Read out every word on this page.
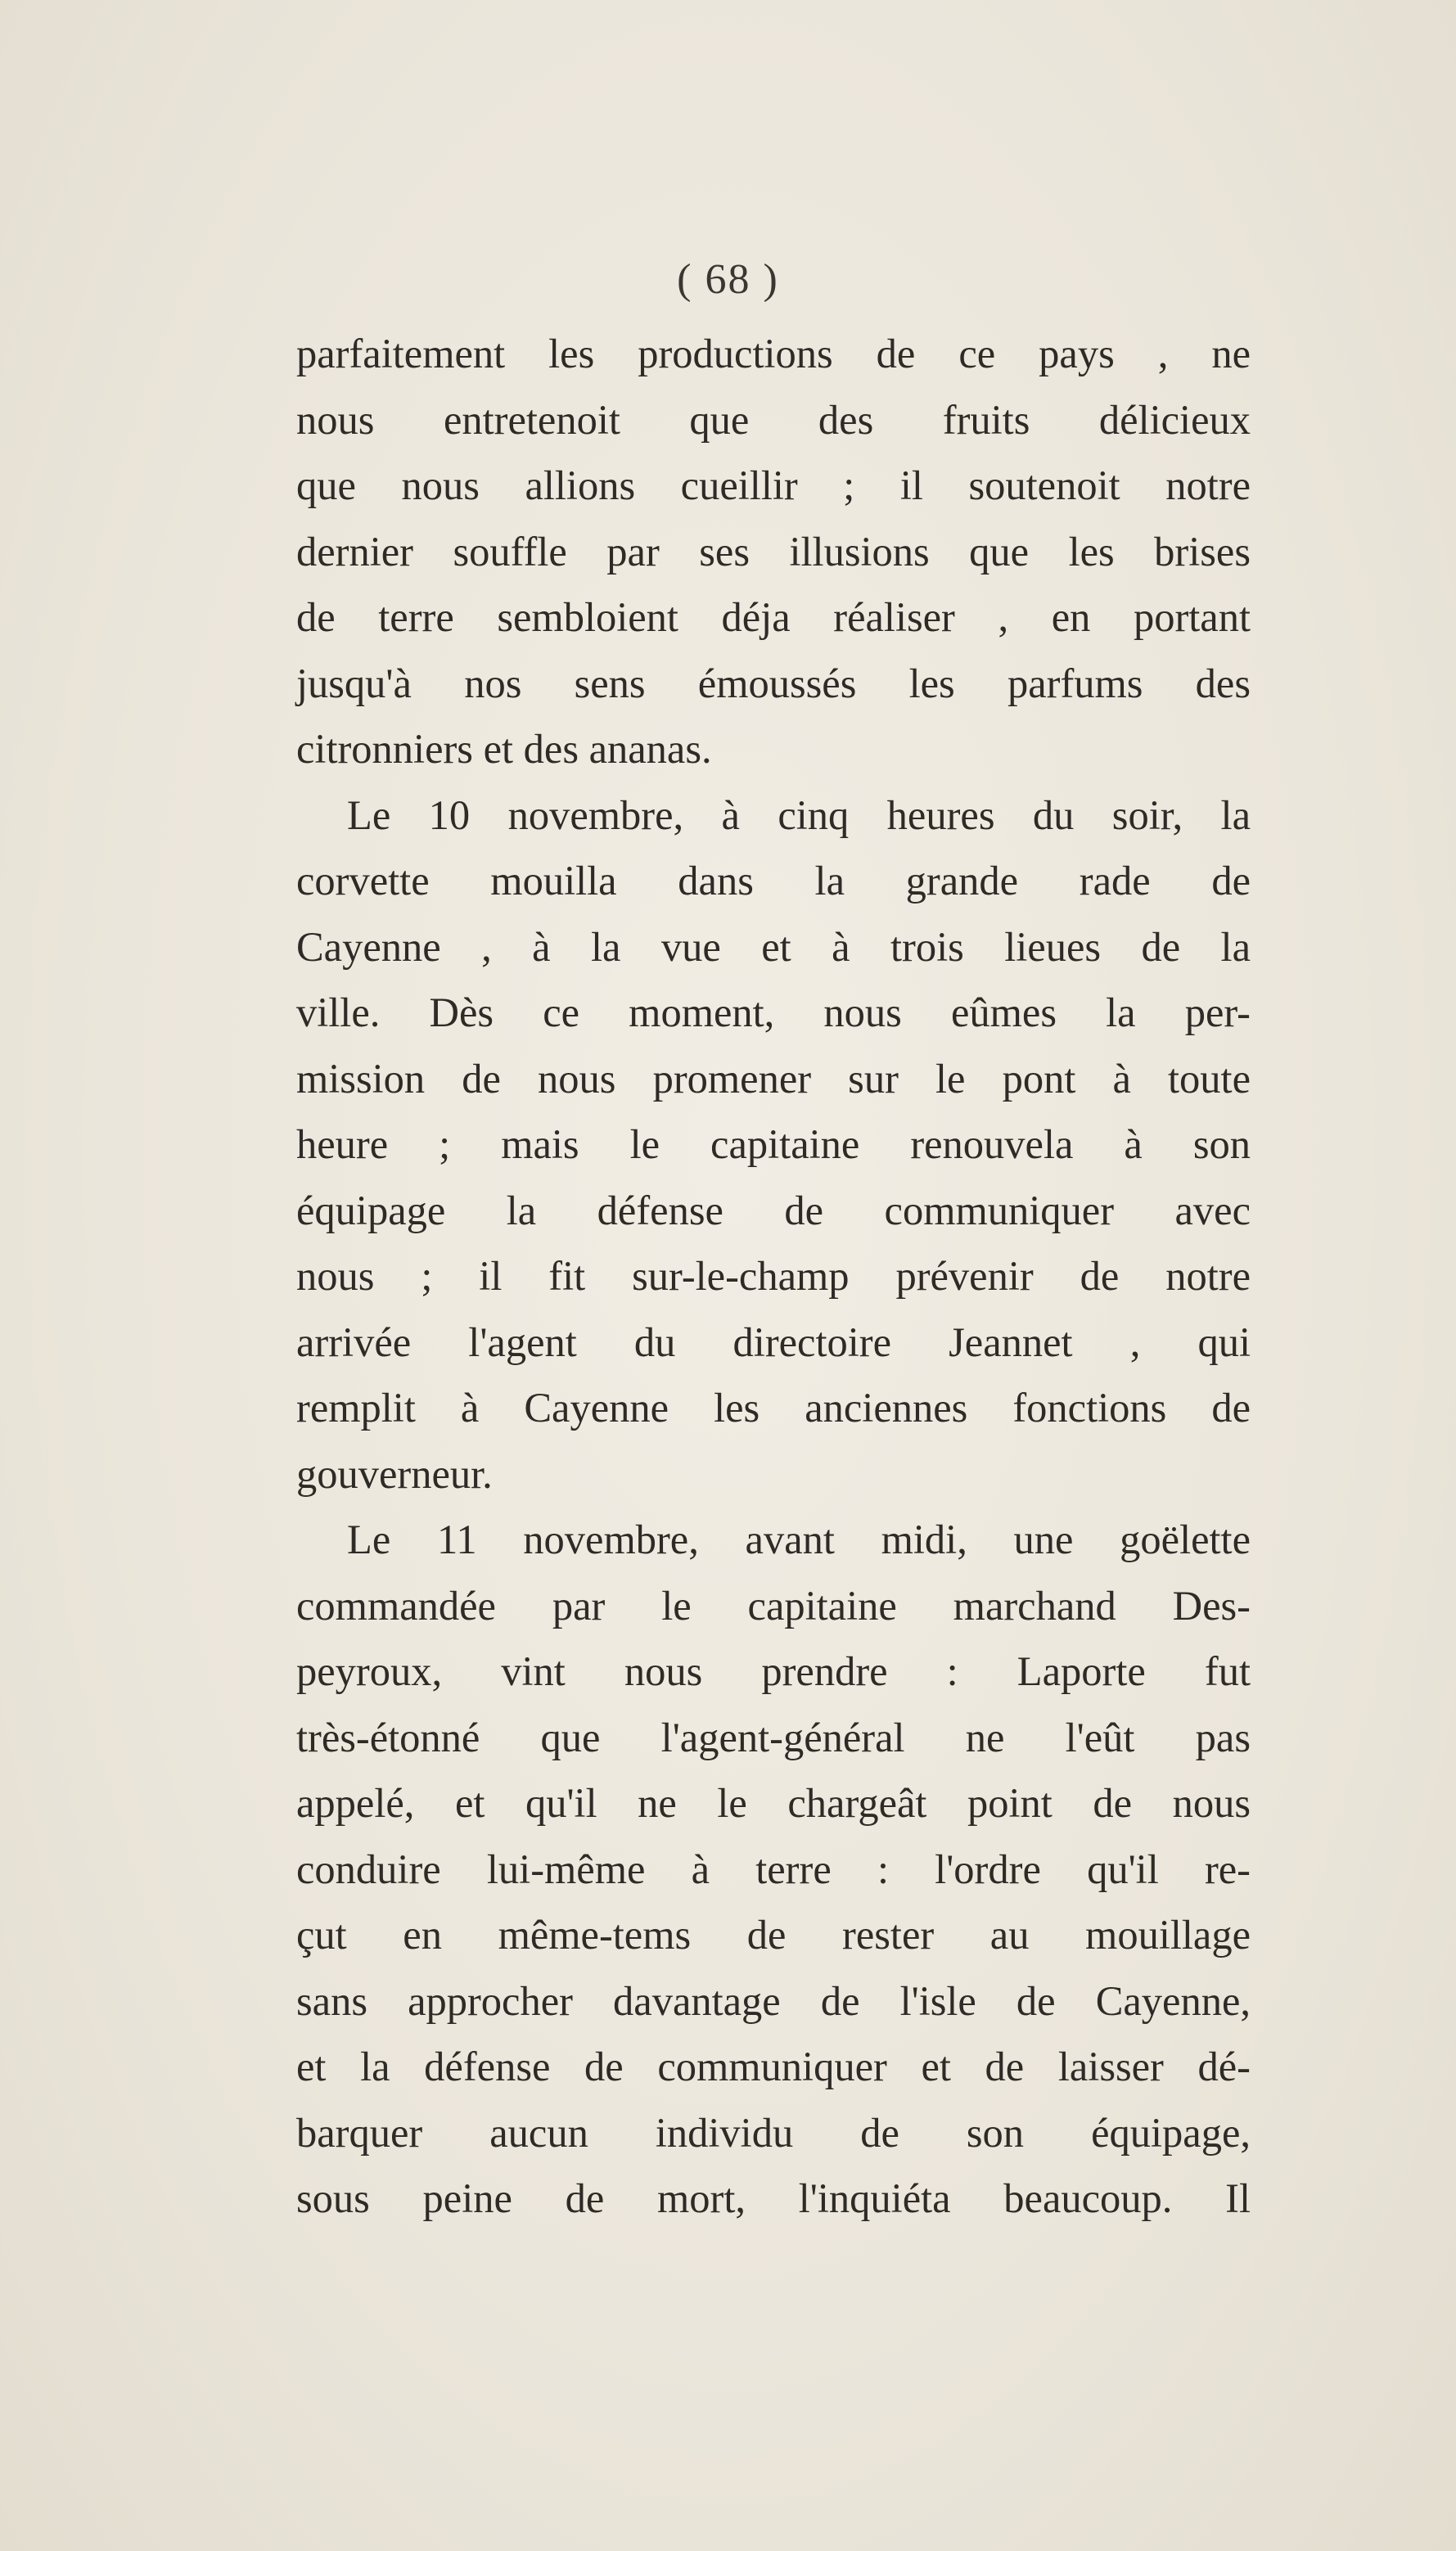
( 68 )
parfaitement les productions de ce pays , ne
nous entretenoit que des fruits délicieux
que nous allions cueillir ; il soutenoit notre
dernier souffle par ses illusions que les brises
de terre sembloient déja réaliser , en portant
jusqu'à nos sens émoussés les parfums des
citronniers et des ananas.
Le 10 novembre, à cinq heures du soir, la
corvette mouilla dans la grande rade de
Cayenne , à la vue et à trois lieues de la
ville. Dès ce moment, nous eûmes la per-
mission de nous promener sur le pont à toute
heure ; mais le capitaine renouvela à son
équipage la défense de communiquer avec
nous ; il fit sur-le-champ prévenir de notre
arrivée l'agent du directoire Jeannet , qui
remplit à Cayenne les anciennes fonctions de
gouverneur.
Le 11 novembre, avant midi, une goëlette
commandée par le capitaine marchand Des-
peyroux, vint nous prendre : Laporte fut
très-étonné que l'agent-général ne l'eût pas
appelé, et qu'il ne le chargeât point de nous
conduire lui-même à terre : l'ordre qu'il re-
çut en même-tems de rester au mouillage
sans approcher davantage de l'isle de Cayenne,
et la défense de communiquer et de laisser dé-
barquer aucun individu de son équipage,
sous peine de mort, l'inquiéta beaucoup. Il
